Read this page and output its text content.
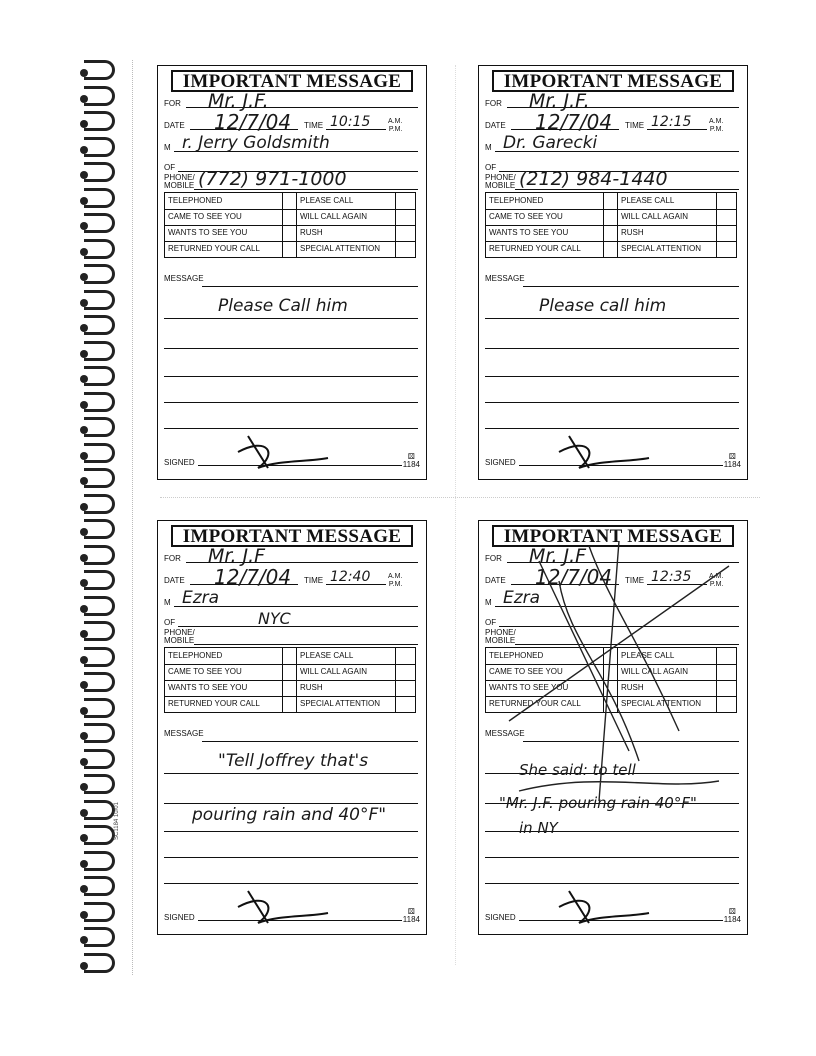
SC1184 10/01
IMPORTANT MESSAGE
FOR Mr. J.F.
DATE	TIME
12/7/04	10:15	A.M.
P.M.
M r. Jerry Goldsmith
OF
PHONE/
MOBILE (772) 971-1000
TELEPHONED	PLEASE CALL
CAME TO SEE YOU	WILL CALL AGAIN
WANTS TO SEE YOU	RUSH
RETURNED YOUR CALL	SPECIAL ATTENTION
MESSAGE
Please Call him
SIGNED
⚄
1184
IMPORTANT MESSAGE
FOR Mr. J.F.
DATE	TIME
12/7/04	12:15	A.M.
P.M.
M Dr. Garecki
OF
PHONE/
MOBILE (212) 984-1440
TELEPHONED	PLEASE CALL
CAME TO SEE YOU	WILL CALL AGAIN
WANTS TO SEE YOU	RUSH
RETURNED YOUR CALL	SPECIAL ATTENTION
MESSAGE
Please call him
SIGNED
⚄
1184
IMPORTANT MESSAGE
FOR Mr. J.F
DATE	TIME
12/7/04	12:40	A.M.
P.M.
M Ezra
OF	NYC
PHONE/
MOBILE
TELEPHONED	PLEASE CALL
CAME TO SEE YOU	WILL CALL AGAIN
WANTS TO SEE YOU	RUSH
RETURNED YOUR CALL	SPECIAL ATTENTION
MESSAGE
"Tell Joffrey that's
pouring rain and 40°F"
SIGNED
⚄
1184
IMPORTANT MESSAGE
FOR Mr. J.F
DATE	TIME
12/7/04	12:35	A.M.
P.M.
M Ezra
OF
PHONE/
MOBILE
TELEPHONED	PLEASE CALL
CAME TO SEE YOU	WILL CALL AGAIN
WANTS TO SEE YOU	RUSH
RETURNED YOUR CALL	SPECIAL ATTENTION
MESSAGE
She said: to tell
"Mr. J.F. pouring rain 40°F"
in NY
SIGNED
⚄
1184
